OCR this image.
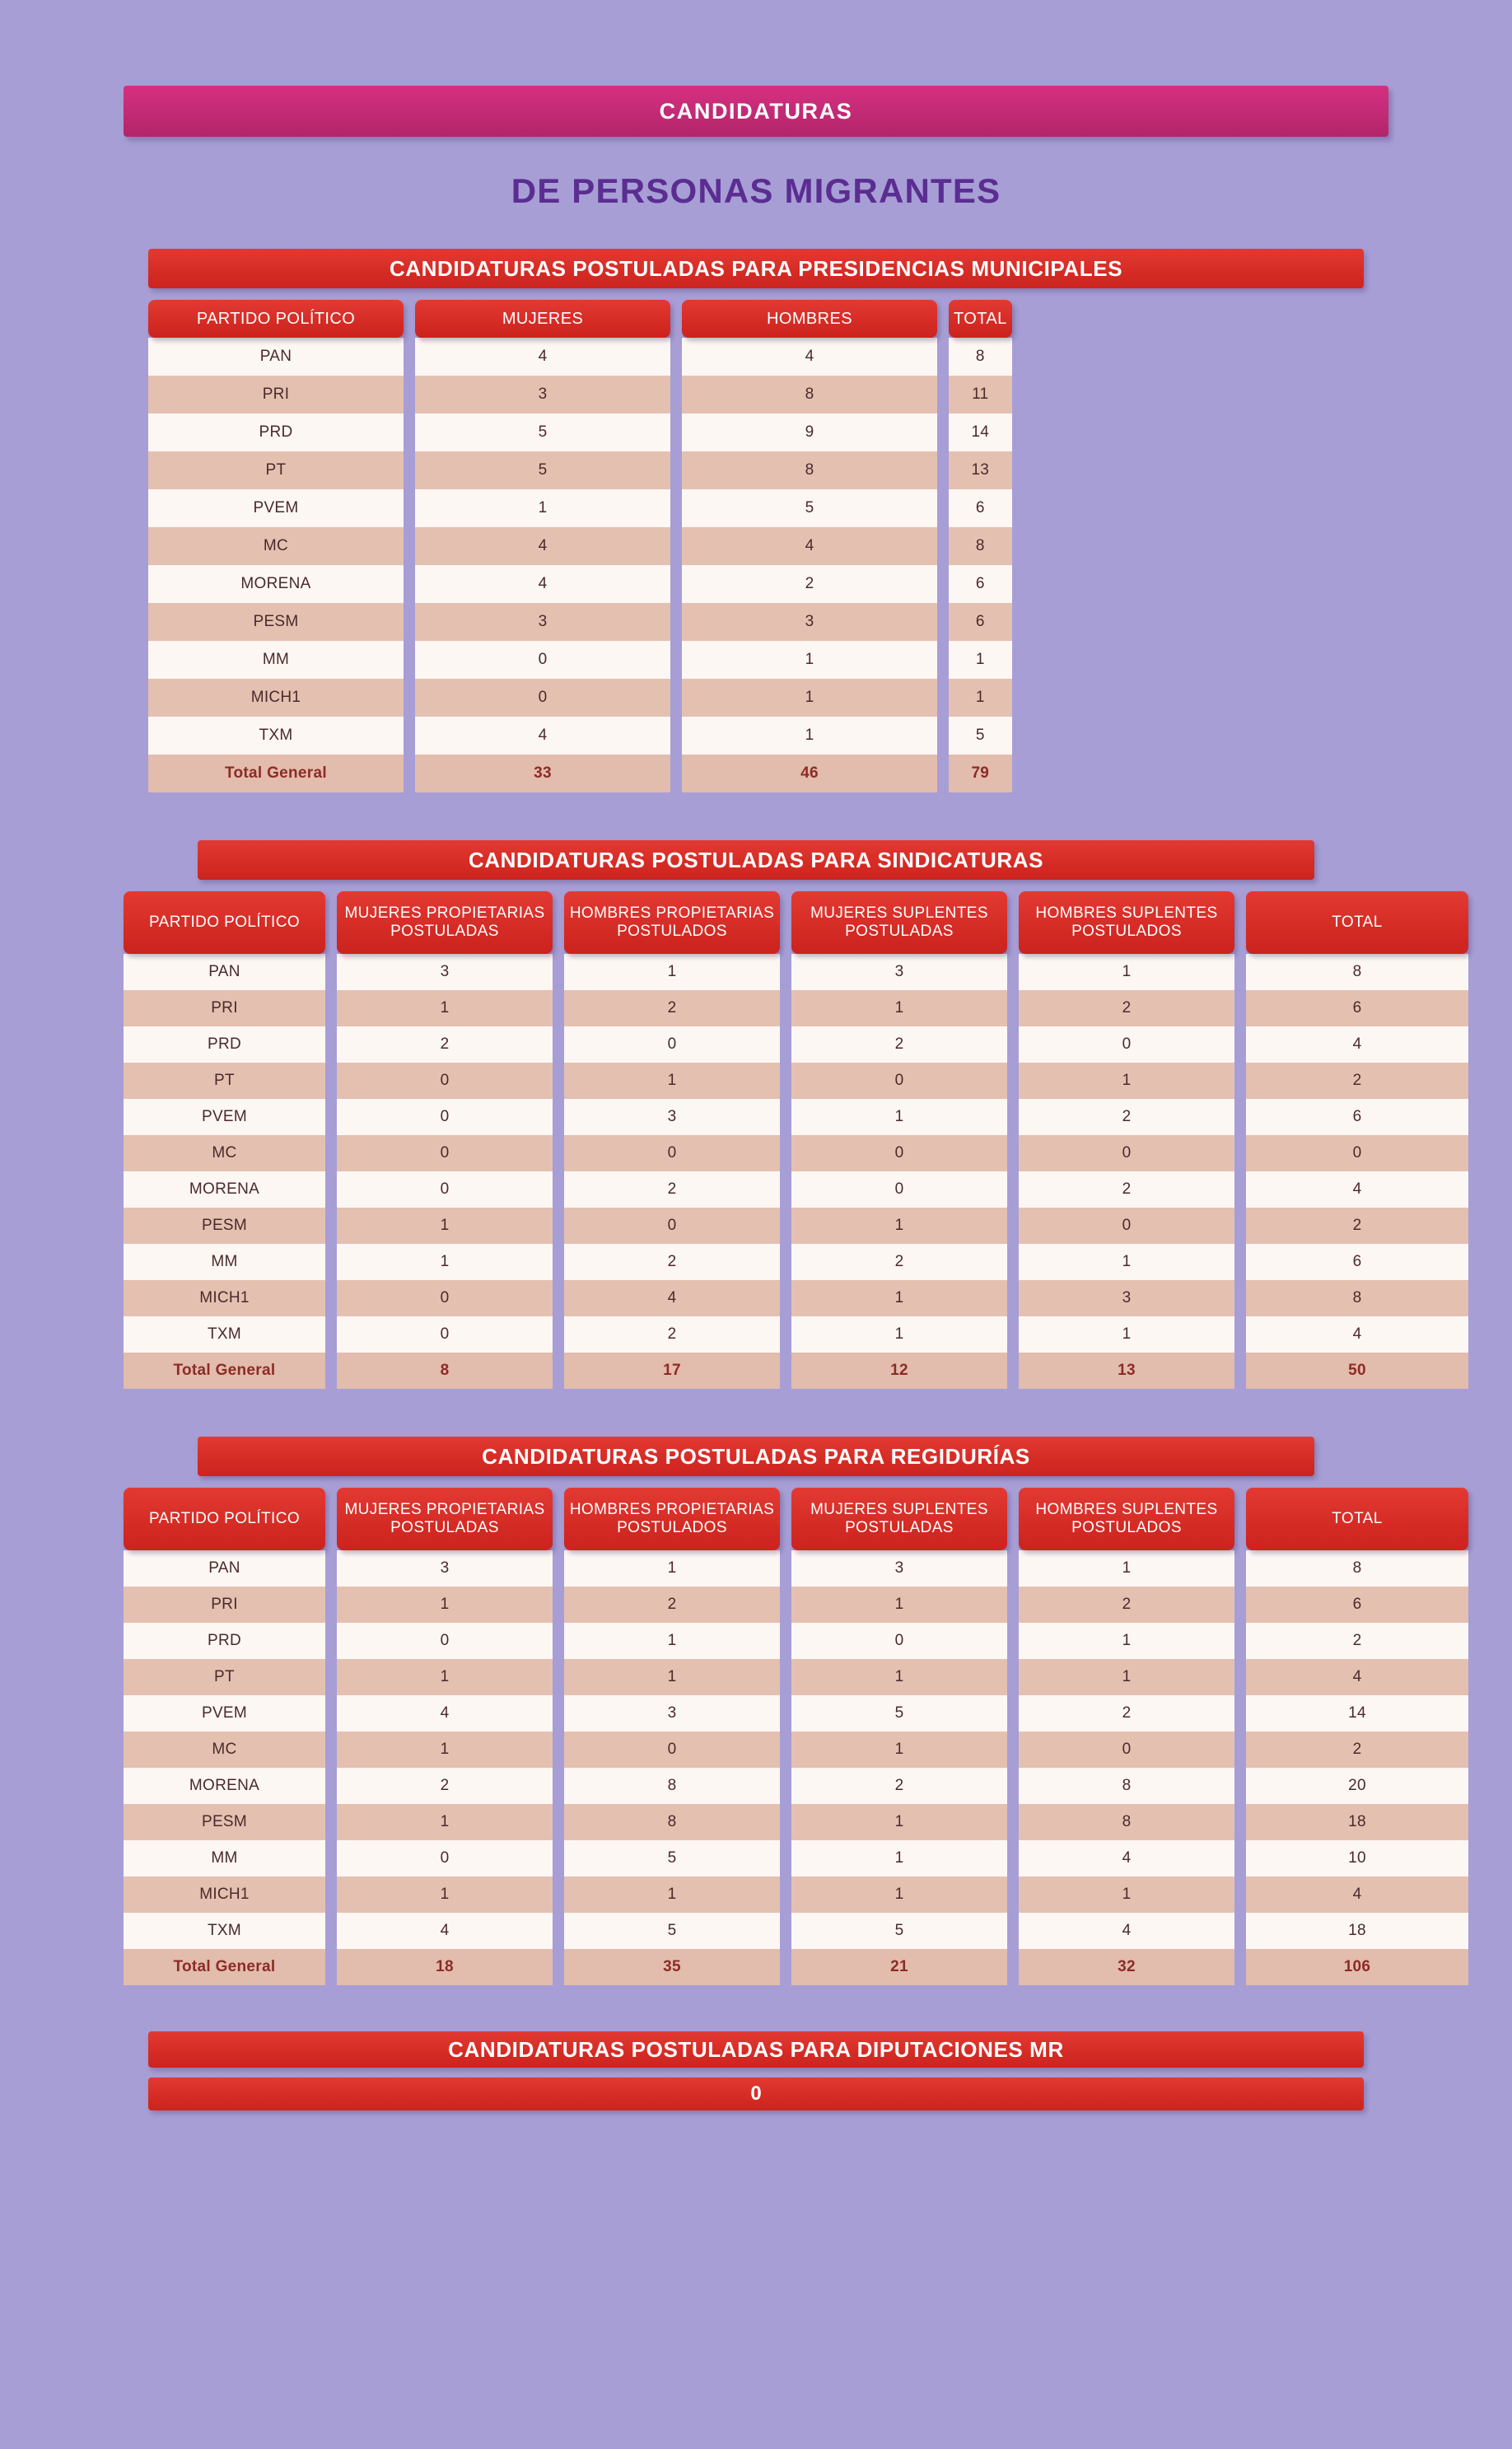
CANDIDATURAS
DE PERSONAS MIGRANTES
CANDIDATURAS POSTULADAS PARA PRESIDENCIAS MUNICIPALES
PARTIDO POLÍTICO
PAN
PRI
PRD
PT
PVEM
MC
MORENA
PESM
MM
MICH1
TXM
Total General
MUJERES
4
3
5
5
1
4
4
3
0
0
4
33
HOMBRES
4
8
9
8
5
4
2
3
1
1
1
46
TOTAL
8
11
14
13
6
8
6
6
1
1
5
79
CANDIDATURAS POSTULADAS PARA SINDICATURAS
PARTIDO POLÍTICO
PAN
PRI
PRD
PT
PVEM
MC
MORENA
PESM
MM
MICH1
TXM
Total General
MUJERES PROPIETARIAS POSTULADAS
3
1
2
0
0
0
0
1
1
0
0
8
HOMBRES PROPIETARIAS POSTULADOS
1
2
0
1
3
0
2
0
2
4
2
17
MUJERES SUPLENTES POSTULADAS
3
1
2
0
1
0
0
1
2
1
1
12
HOMBRES SUPLENTES POSTULADOS
1
2
0
1
2
0
2
0
1
3
1
13
TOTAL
8
6
4
2
6
0
4
2
6
8
4
50
CANDIDATURAS POSTULADAS PARA REGIDURÍAS
PARTIDO POLÍTICO
PAN
PRI
PRD
PT
PVEM
MC
MORENA
PESM
MM
MICH1
TXM
Total General
MUJERES PROPIETARIAS POSTULADAS
3
1
0
1
4
1
2
1
0
1
4
18
HOMBRES PROPIETARIAS POSTULADOS
1
2
1
1
3
0
8
8
5
1
5
35
MUJERES SUPLENTES POSTULADAS
3
1
0
1
5
1
2
1
1
1
5
21
HOMBRES SUPLENTES POSTULADOS
1
2
1
1
2
0
8
8
4
1
4
32
TOTAL
8
6
2
4
14
2
20
18
10
4
18
106
CANDIDATURAS POSTULADAS PARA DIPUTACIONES MR
0
